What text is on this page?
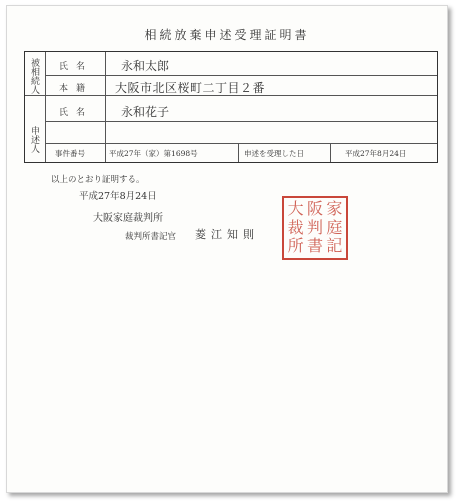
相続放棄申述受理証明書
被相続人
申述人
氏名
本籍
氏名
事件番号
永和太郎
大阪市北区桜町二丁目２番
永和花子
平成27年（家）第1698号	申述を受理した日	平成27年8月24日
以上のとおり証明する。
平成27年8月24日
大阪家庭裁判所
裁判所書記官 菱江知則
大 阪 家
裁 判 庭
所 書 記
